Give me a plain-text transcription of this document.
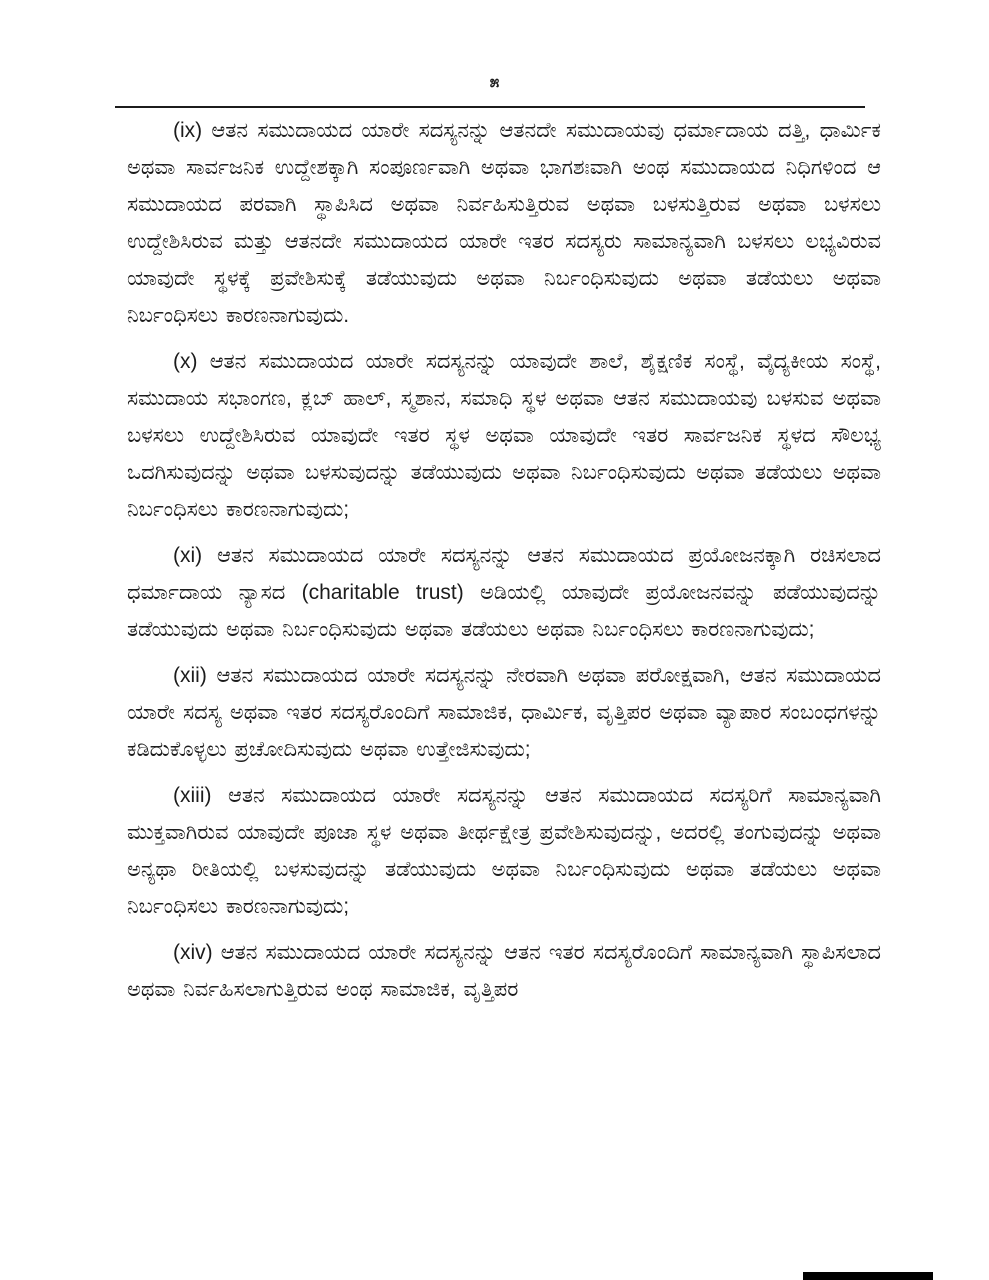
೫

(ix) ಆತನ ಸಮುದಾಯದ ಯಾರೇ ಸದಸ್ಯನನ್ನು ಆತನದೇ ಸಮುದಾಯವು ಧರ್ಮಾದಾಯ ದತ್ತಿ, ಧಾರ್ಮಿಕ ಅಥವಾ ಸಾರ್ವಜನಿಕ ಉದ್ದೇಶಕ್ಕಾಗಿ ಸಂಪೂರ್ಣವಾಗಿ ಅಥವಾ ಭಾಗಶಃವಾಗಿ ಅಂಥ ಸಮುದಾಯದ ನಿಧಿಗಳಿಂದ ಆ ಸಮುದಾಯದ ಪರವಾಗಿ ಸ್ಥಾಪಿಸಿದ ಅಥವಾ ನಿರ್ವಹಿಸುತ್ತಿರುವ ಅಥವಾ ಬಳಸುತ್ತಿರುವ ಅಥವಾ ಬಳಸಲು ಉದ್ದೇಶಿಸಿರುವ ಮತ್ತು ಆತನದೇ ಸಮುದಾಯದ ಯಾರೇ ಇತರ ಸದಸ್ಯರು ಸಾಮಾನ್ಯವಾಗಿ ಬಳಸಲು ಲಭ್ಯವಿರುವ ಯಾವುದೇ ಸ್ಥಳಕ್ಕೆ ಪ್ರವೇಶಿಸುಕ್ಕೆ ತಡೆಯುವುದು ಅಥವಾ ನಿರ್ಬಂಧಿಸುವುದು ಅಥವಾ ತಡೆಯಲು ಅಥವಾ ನಿರ್ಬಂಧಿಸಲು ಕಾರಣನಾಗುವುದು.

(x) ಆತನ ಸಮುದಾಯದ ಯಾರೇ ಸದಸ್ಯನನ್ನು ಯಾವುದೇ ಶಾಲೆ, ಶೈಕ್ಷಣಿಕ ಸಂಸ್ಥೆ, ವೈದ್ಯಕೀಯ ಸಂಸ್ಥೆ, ಸಮುದಾಯ ಸಭಾಂಗಣ, ಕ್ಲಬ್ ಹಾಲ್, ಸ್ಮಶಾನ, ಸಮಾಧಿ ಸ್ಥಳ ಅಥವಾ ಆತನ ಸಮುದಾಯವು ಬಳಸುವ ಅಥವಾ ಬಳಸಲು ಉದ್ದೇಶಿಸಿರುವ ಯಾವುದೇ ಇತರ ಸ್ಥಳ ಅಥವಾ ಯಾವುದೇ ಇತರ ಸಾರ್ವಜನಿಕ ಸ್ಥಳದ ಸೌಲಭ್ಯ ಒದಗಿಸುವುದನ್ನು ಅಥವಾ ಬಳಸುವುದನ್ನು ತಡೆಯುವುದು ಅಥವಾ ನಿರ್ಬಂಧಿಸುವುದು ಅಥವಾ ತಡೆಯಲು ಅಥವಾ ನಿರ್ಬಂಧಿಸಲು ಕಾರಣನಾಗುವುದು;

(xi) ಆತನ ಸಮುದಾಯದ ಯಾರೇ ಸದಸ್ಯನನ್ನು ಆತನ ಸಮುದಾಯದ ಪ್ರಯೋಜನಕ್ಕಾಗಿ ರಚಿಸಲಾದ ಧರ್ಮಾದಾಯ ನ್ಯಾಸದ (charitable trust) ಅಡಿಯಲ್ಲಿ ಯಾವುದೇ ಪ್ರಯೋಜನವನ್ನು ಪಡೆಯುವುದನ್ನು ತಡೆಯುವುದು ಅಥವಾ ನಿರ್ಬಂಧಿಸುವುದು ಅಥವಾ ತಡೆಯಲು ಅಥವಾ ನಿರ್ಬಂಧಿಸಲು ಕಾರಣನಾಗುವುದು;

(xii) ಆತನ ಸಮುದಾಯದ ಯಾರೇ ಸದಸ್ಯನನ್ನು ನೇರವಾಗಿ ಅಥವಾ ಪರೋಕ್ಷವಾಗಿ, ಆತನ ಸಮುದಾಯದ ಯಾರೇ ಸದಸ್ಯ ಅಥವಾ ಇತರ ಸದಸ್ಯರೊಂದಿಗೆ ಸಾಮಾಜಿಕ, ಧಾರ್ಮಿಕ, ವೃತ್ತಿಪರ ಅಥವಾ ವ್ಯಾಪಾರ ಸಂಬಂಧಗಳನ್ನು ಕಡಿದುಕೊಳ್ಳಲು ಪ್ರಚೋದಿಸುವುದು ಅಥವಾ ಉತ್ತೇಜಿಸುವುದು;

(xiii) ಆತನ ಸಮುದಾಯದ ಯಾರೇ ಸದಸ್ಯನನ್ನು ಆತನ ಸಮುದಾಯದ ಸದಸ್ಯರಿಗೆ ಸಾಮಾನ್ಯವಾಗಿ ಮುಕ್ತವಾಗಿರುವ ಯಾವುದೇ ಪೂಜಾ ಸ್ಥಳ ಅಥವಾ ತೀರ್ಥಕ್ಷೇತ್ರ ಪ್ರವೇಶಿಸುವುದನ್ನು, ಅದರಲ್ಲಿ ತಂಗುವುದನ್ನು ಅಥವಾ ಅನ್ಯಥಾ ರೀತಿಯಲ್ಲಿ ಬಳಸುವುದನ್ನು ತಡೆಯುವುದು ಅಥವಾ ನಿರ್ಬಂಧಿಸುವುದು ಅಥವಾ ತಡೆಯಲು ಅಥವಾ ನಿರ್ಬಂಧಿಸಲು ಕಾರಣನಾಗುವುದು;

(xiv) ಆತನ ಸಮುದಾಯದ ಯಾರೇ ಸದಸ್ಯನನ್ನು ಆತನ ಇತರ ಸದಸ್ಯರೊಂದಿಗೆ ಸಾಮಾನ್ಯವಾಗಿ ಸ್ಥಾಪಿಸಲಾದ ಅಥವಾ ನಿರ್ವಹಿಸಲಾಗುತ್ತಿರುವ ಅಂಥ ಸಾಮಾಜಿಕ, ವೃತ್ತಿಪರ
